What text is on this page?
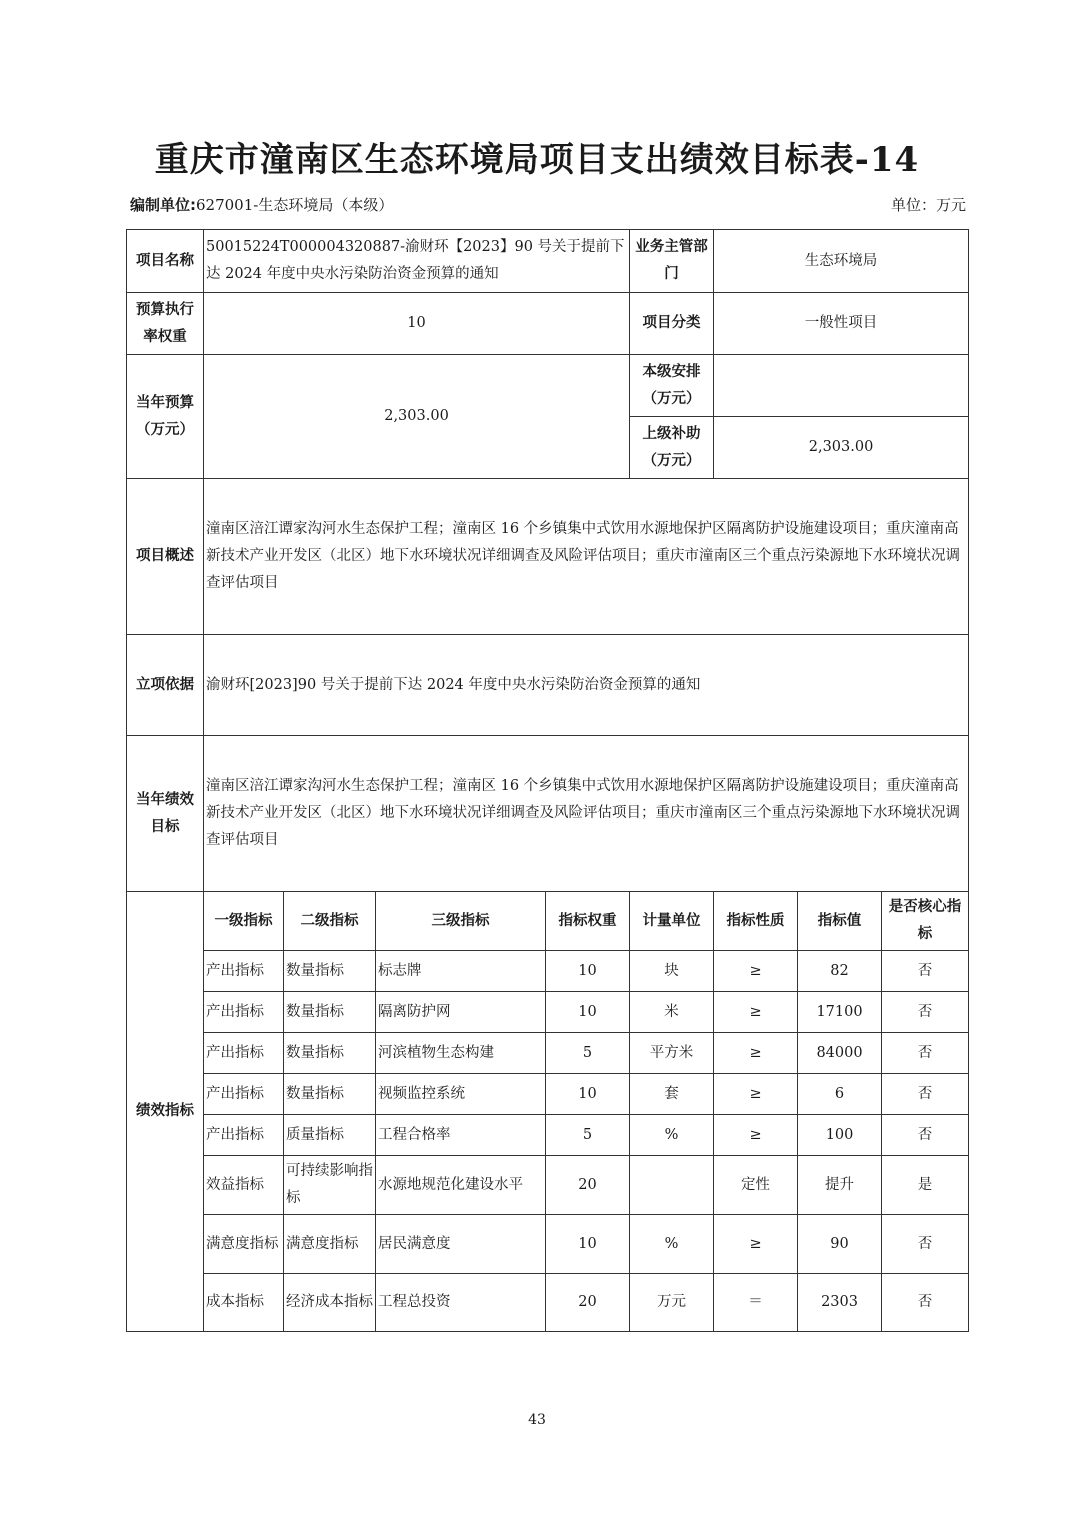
重庆市潼南区生态环境局项目支出绩效目标表-14
编制单位:627001-生态环境局（本级）	单位：万元
项目名称	50015224T000004320887-渝财环【2023】90 号关于提前下达 2024 年度中央水污染防治资金预算的通知				业务主管部门	生态环境局		
预算执行率权重	10				项目分类	一般性项目		
当年预算（万元）	2,303.00				本级安排（万元）			
					上级补助（万元）	2,303.00		
项目概述	潼南区涪江谭家沟河水生态保护工程；潼南区 16 个乡镇集中式饮用水源地保护区隔离防护设施建设项目；重庆潼南高新技术产业开发区（北区）地下水环境状况详细调查及风险评估项目；重庆市潼南区三个重点污染源地下水环境状况调查评估项目							
立项依据	渝财环[2023]90 号关于提前下达 2024 年度中央水污染防治资金预算的通知							
当年绩效目标	潼南区涪江谭家沟河水生态保护工程；潼南区 16 个乡镇集中式饮用水源地保护区隔离防护设施建设项目；重庆潼南高新技术产业开发区（北区）地下水环境状况详细调查及风险评估项目；重庆市潼南区三个重点污染源地下水环境状况调查评估项目							
绩效指标	一级指标	二级指标	三级指标	指标权重	计量单位	指标性质	指标值	是否核心指标
	产出指标	数量指标	标志牌	10	块	≥	82	否
	产出指标	数量指标	隔离防护网	10	米	≥	17100	否
	产出指标	数量指标	河滨植物生态构建	5	平方米	≥	84000	否
	产出指标	数量指标	视频监控系统	10	套	≥	6	否
	产出指标	质量指标	工程合格率	5	%	≥	100	否
	效益指标	可持续影响指标	水源地规范化建设水平	20		定性	提升	是
	满意度指标	满意度指标	居民满意度	10	%	≥	90	否
	成本指标	经济成本指标	工程总投资	20	万元	＝	2303	否
43
